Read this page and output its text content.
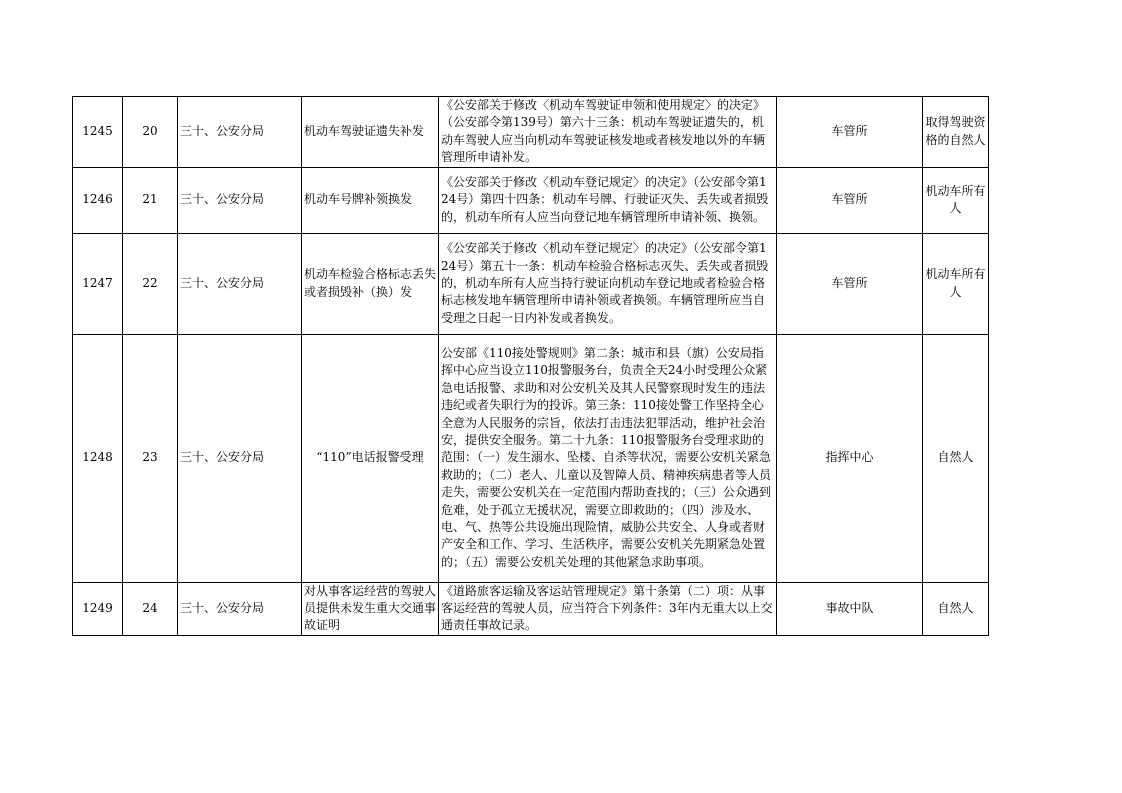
1245	20	三十、公安分局	机动车驾驶证遗失补发	《公安部关于修改〈机动车驾驶证申领和使用规定〉的决定》（公安部令第139号）第六十三条：机动车驾驶证遗失的，机动车驾驶人应当向机动车驾驶证核发地或者核发地以外的车辆管理所申请补发。	车管所	取得驾驶资格的自然人
1246	21	三十、公安分局	机动车号牌补领换发	《公安部关于修改〈机动车登记规定〉的决定》（公安部令第124号）第四十四条：机动车号牌、行驶证灭失、丢失或者损毁的，机动车所有人应当向登记地车辆管理所申请补领、换领。	车管所	机动车所有人
1247	22	三十、公安分局	机动车检验合格标志丢失或者损毁补（换）发	《公安部关于修改〈机动车登记规定〉的决定》（公安部令第124号）第五十一条：机动车检验合格标志灭失、丢失或者损毁的，机动车所有人应当持行驶证向机动车登记地或者检验合格标志核发地车辆管理所申请补领或者换领。车辆管理所应当自受理之日起一日内补发或者换发。	车管所	机动车所有人
1248	23	三十、公安分局	“110”电话报警受理	公安部《110接处警规则》第二条：城市和县（旗）公安局指挥中心应当设立110报警服务台，负责全天24小时受理公众紧急电话报警、求助和对公安机关及其人民警察现时发生的违法违纪或者失职行为的投诉。第三条：110接处警工作坚持全心全意为人民服务的宗旨，依法打击违法犯罪活动，维护社会治安，提供安全服务。第二十九条：110报警服务台受理求助的范围：（一）发生溺水、坠楼、自杀等状况，需要公安机关紧急救助的；（二）老人、儿童以及智障人员、精神疾病患者等人员走失，需要公安机关在一定范围内帮助查找的；（三）公众遇到危难，处于孤立无援状况，需要立即救助的；（四）涉及水、电、气、热等公共设施出现险情，威胁公共安全、人身或者财产安全和工作、学习、生活秩序，需要公安机关先期紧急处置的；（五）需要公安机关处理的其他紧急求助事项。	指挥中心	自然人
1249	24	三十、公安分局	对从事客运经营的驾驶人员提供未发生重大交通事故证明	《道路旅客运输及客运站管理规定》第十条第（二）项：从事客运经营的驾驶人员，应当符合下列条件：3年内无重大以上交通责任事故记录。	事故中队	自然人
